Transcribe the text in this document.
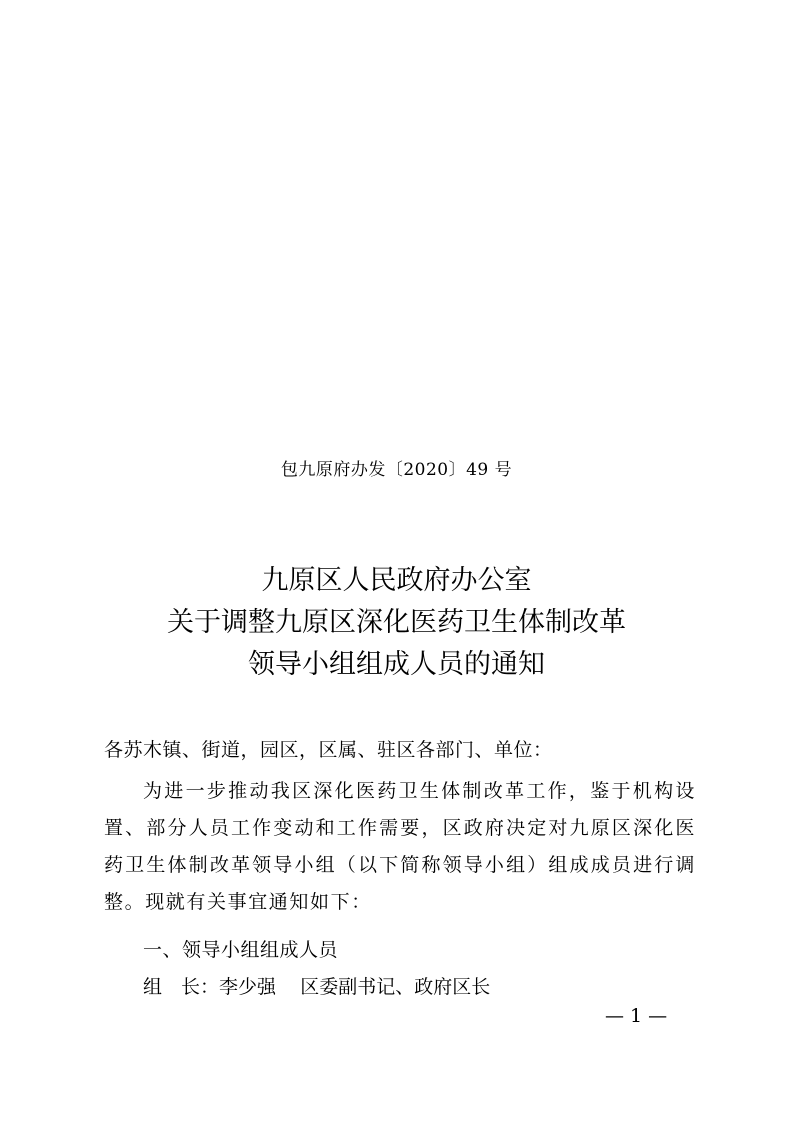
包九原府办发〔2020〕49 号
九原区人民政府办公室
关于调整九原区深化医药卫生体制改革
领导小组组成人员的通知
各苏木镇、街道，园区，区属、驻区各部门、单位：
为进一步推动我区深化医药卫生体制改革工作，鉴于机构设置、部分人员工作变动和工作需要，区政府决定对九原区深化医药卫生体制改革领导小组（以下简称领导小组）组成成员进行调整。现就有关事宜通知如下：
一、领导小组组成人员
组　长：李少强 区委副书记、政府区长
— 1 —
